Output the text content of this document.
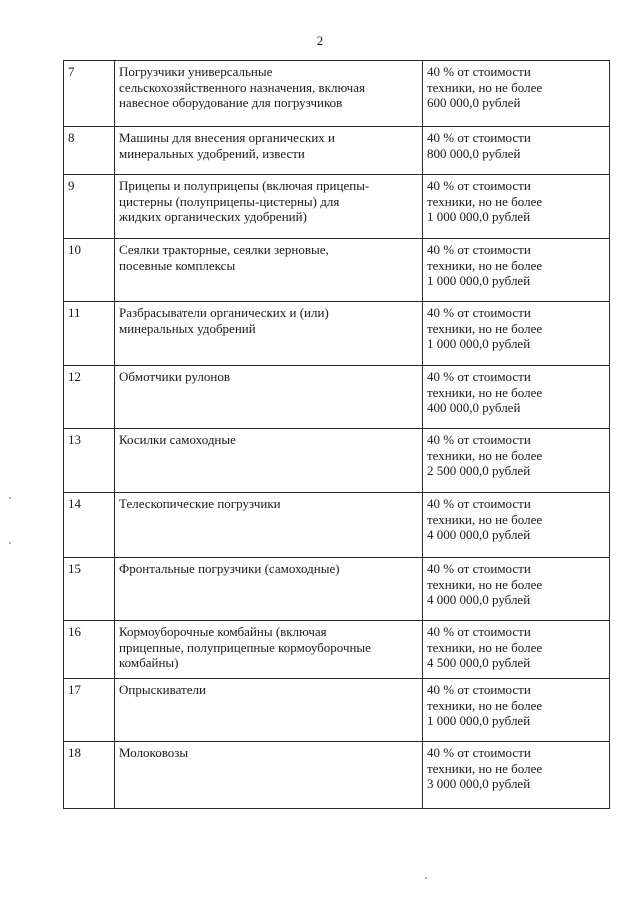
2
7	Погрузчики универсальные
сельскохозяйственного назначения, включая
навесное оборудование для погрузчиков	40 % от стоимости
техники, но не более
600 000,0 рублей
8	Машины для внесения органических и
минеральных удобрений, извести	40 % от стоимости
800 000,0 рублей
9	Прицепы и полуприцепы (включая прицепы-
цистерны (полуприцепы-цистерны) для
жидких органических удобрений)	40 % от стоимости
техники, но не более
1 000 000,0 рублей
10	Сеялки тракторные, сеялки зерновые,
посевные комплексы	40 % от стоимости
техники, но не более
1 000 000,0 рублей
11	Разбрасыватели органических и (или)
минеральных удобрений	40 % от стоимости
техники, но не более
1 000 000,0 рублей
12	Обмотчики рулонов	40 % от стоимости
техники, но не более
400 000,0 рублей
13	Косилки самоходные	40 % от стоимости
техники, но не более
2 500 000,0 рублей
14	Телескопические погрузчики	40 % от стоимости
техники, но не более
4 000 000,0 рублей
15	Фронтальные погрузчики (самоходные)	40 % от стоимости
техники, но не более
4 000 000,0 рублей
16	Кормоуборочные комбайны (включая
прицепные, полуприцепные кормоуборочные
комбайны)	40 % от стоимости
техники, но не более
4 500 000,0 рублей
17	Опрыскиватели	40 % от стоимости
техники, но не более
1 000 000,0 рублей
18	Молоковозы	40 % от стоимости
техники, но не более
3 000 000,0 рублей
